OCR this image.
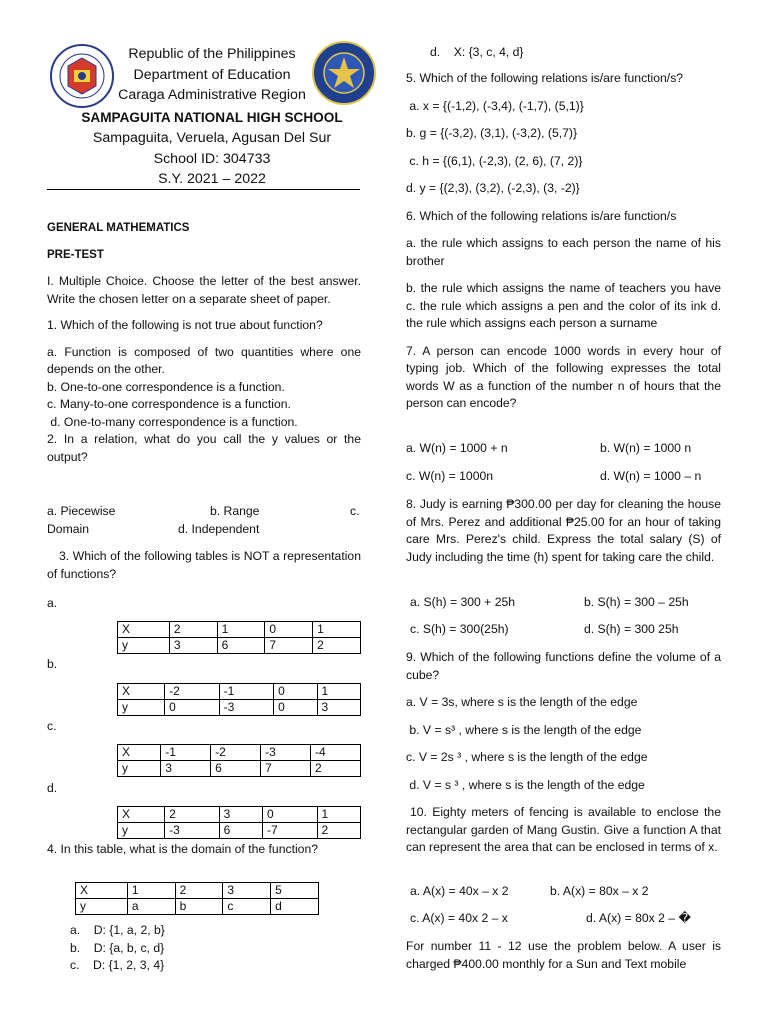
Republic of the Philippines
Department of Education
Caraga Administrative Region
SAMPAGUITA NATIONAL HIGH SCHOOL
Sampaguita, Veruela, Agusan Del Sur
School ID: 304733
S.Y. 2021 – 2022

GENERAL MATHEMATICS

PRE-TEST

I. Multiple Choice. Choose the letter of the best answer. Write the chosen letter on a separate sheet of paper.

1. Which of the following is not true about function?

a. Function is composed of two quantities where one depends on the other.

b. One-to-one correspondence is a function.

c. Many-to-one correspondence is a function.

d. One-to-many correspondence is a function.

2. In a relation, what do you call the y values or the output?

a. Piecewise	b. Range	c.
Domain	d. Independent

3. Which of the following tables is NOT a representation of functions?

a.
X	2	1	0	1
y	3	6	7	2
b.
X	-2	-1	0	1
y	0	-3	0	3
c.
X	-1	-2	-3	-4
y	3	6	7	2
d.
X	2	3	0	1
y	-3	6	-7	2

4. In this table, what is the domain of the function?

X	1	2	3	5
y	a	b	c	d

a.    D: {1, a, 2, b}

b.    D: {a, b, c, d}

c.    D: {1, 2, 3, 4}

d.    X: {3, c, 4, d}

5. Which of the following relations is/are function/s?

a. x = {(-1,2), (-3,4), (-1,7), (5,1)}

b. g = {(-3,2), (3,1), (-3,2), (5,7)}

c. h = {(6,1), (-2,3), (2, 6), (7, 2)}

d. y = {(2,3), (3,2), (-2,3), (3, -2)}

6. Which of the following relations is/are function/s

a. the rule which assigns to each person the name of his brother

b. the rule which assigns the name of teachers you have c. the rule which assigns a pen and the color of its ink d. the rule which assigns each person a surname

7. A person can encode 1000 words in every hour of typing job. Which of the following expresses the total words W as a function of the number n of hours that the person can encode?

a. W(n) = 1000 + n	b. W(n) = 1000 n
c. W(n) = 1000n	d. W(n) = 1000 – n

8. Judy is earning ₱300.00 per day for cleaning the house of Mrs. Perez and additional ₱25.00 for an hour of taking care Mrs. Perez's child. Express the total salary (S) of Judy including the time (h) spent for taking care the child.

a. S(h) = 300 + 25h	b. S(h) = 300 – 25h
c. S(h) = 300(25h)	d. S(h) = 300 25h

9. Which of the following functions define the volume of a cube?

a. V = 3s, where s is the length of the edge

b. V = s³ , where s is the length of the edge

c. V = 2s ³ , where s is the length of the edge

d. V = s ³ , where s is the length of the edge

10. Eighty meters of fencing is available to enclose the rectangular garden of Mang Gustin. Give a function A that can represent the area that can be enclosed in terms of x.

a. A(x) = 40x – x 2	b. A(x) = 80x – x 2
c. A(x) = 40x 2 – x	d. A(x) = 80x 2 – �

For number 11 - 12 use the problem below. A user is charged ₱400.00 monthly for a Sun and Text mobile
